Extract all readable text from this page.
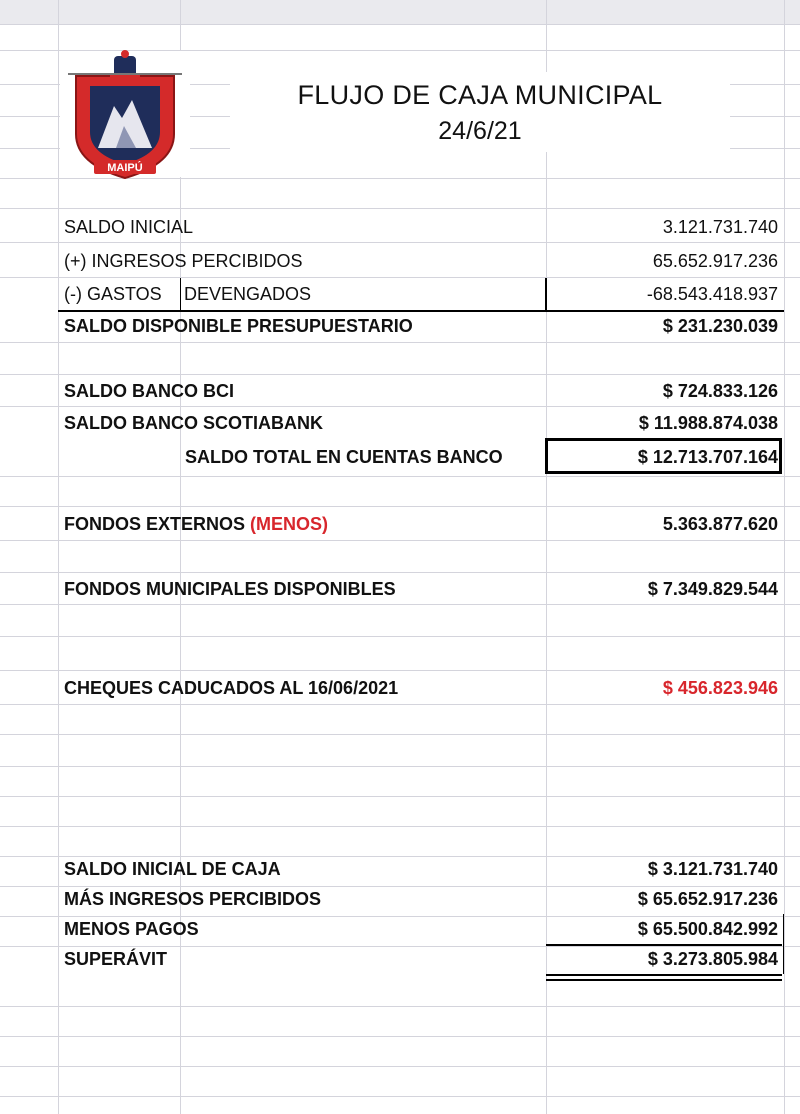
MAIPÚ
FLUJO DE CAJA MUNICIPAL
24/6/21
SALDO INICIAL	3.121.731.740
(+) INGRESOS PERCIBIDOS	65.652.917.236
(-) GASTOS DEVENGADOS	-68.543.418.937
SALDO DISPONIBLE PRESUPUESTARIO	$ 231.230.039
SALDO BANCO BCI	$ 724.833.126
SALDO BANCO SCOTIABANK	$ 11.988.874.038
SALDO TOTAL EN CUENTAS BANCO	$ 12.713.707.164
FONDOS EXTERNOS (MENOS)	5.363.877.620
FONDOS MUNICIPALES DISPONIBLES	$ 7.349.829.544
CHEQUES CADUCADOS AL 16/06/2021	$ 456.823.946
SALDO INICIAL DE CAJA	$ 3.121.731.740
MÁS INGRESOS PERCIBIDOS	$ 65.652.917.236
MENOS PAGOS	$ 65.500.842.992
SUPERÁVIT	$ 3.273.805.984
